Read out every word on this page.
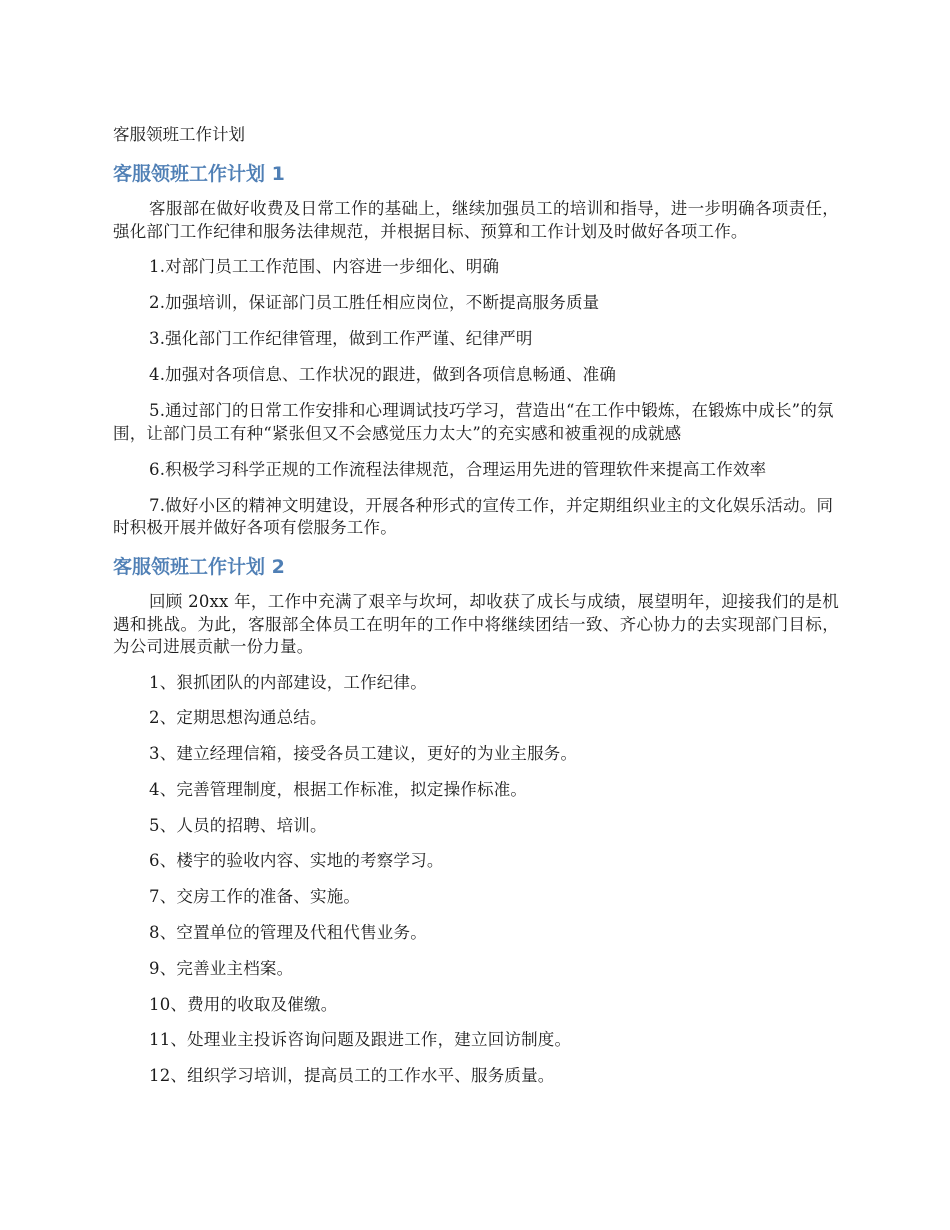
客服领班工作计划
客服领班工作计划 1

客服部在做好收费及日常工作的基础上，继续加强员工的培训和指导，进一步明确各项责任，强化部门工作纪律和服务法律规范，并根据目标、预算和工作计划及时做好各项工作。

1.对部门员工工作范围、内容进一步细化、明确

2.加强培训，保证部门员工胜任相应岗位，不断提高服务质量

3.强化部门工作纪律管理，做到工作严谨、纪律严明

4.加强对各项信息、工作状况的跟进，做到各项信息畅通、准确

5.通过部门的日常工作安排和心理调试技巧学习，营造出“在工作中锻炼，在锻炼中成长”的氛围，让部门员工有种“紧张但又不会感觉压力太大”的充实感和被重视的成就感

6.积极学习科学正规的工作流程法律规范，合理运用先进的管理软件来提高工作效率

7.做好小区的精神文明建设，开展各种形式的宣传工作，并定期组织业主的文化娱乐活动。同时积极开展并做好各项有偿服务工作。

客服领班工作计划 2

回顾 20xx 年，工作中充满了艰辛与坎坷，却收获了成长与成绩，展望明年，迎接我们的是机遇和挑战。为此，客服部全体员工在明年的工作中将继续团结一致、齐心协力的去实现部门目标，为公司进展贡献一份力量。

1、狠抓团队的内部建设，工作纪律。

2、定期思想沟通总结。

3、建立经理信箱，接受各员工建议，更好的为业主服务。

4、完善管理制度，根据工作标准，拟定操作标准。

5、人员的招聘、培训。

6、楼宇的验收内容、实地的考察学习。

7、交房工作的准备、实施。

8、空置单位的管理及代租代售业务。

9、完善业主档案。

10、费用的收取及催缴。

11、处理业主投诉咨询问题及跟进工作，建立回访制度。

12、组织学习培训，提高员工的工作水平、服务质量。
